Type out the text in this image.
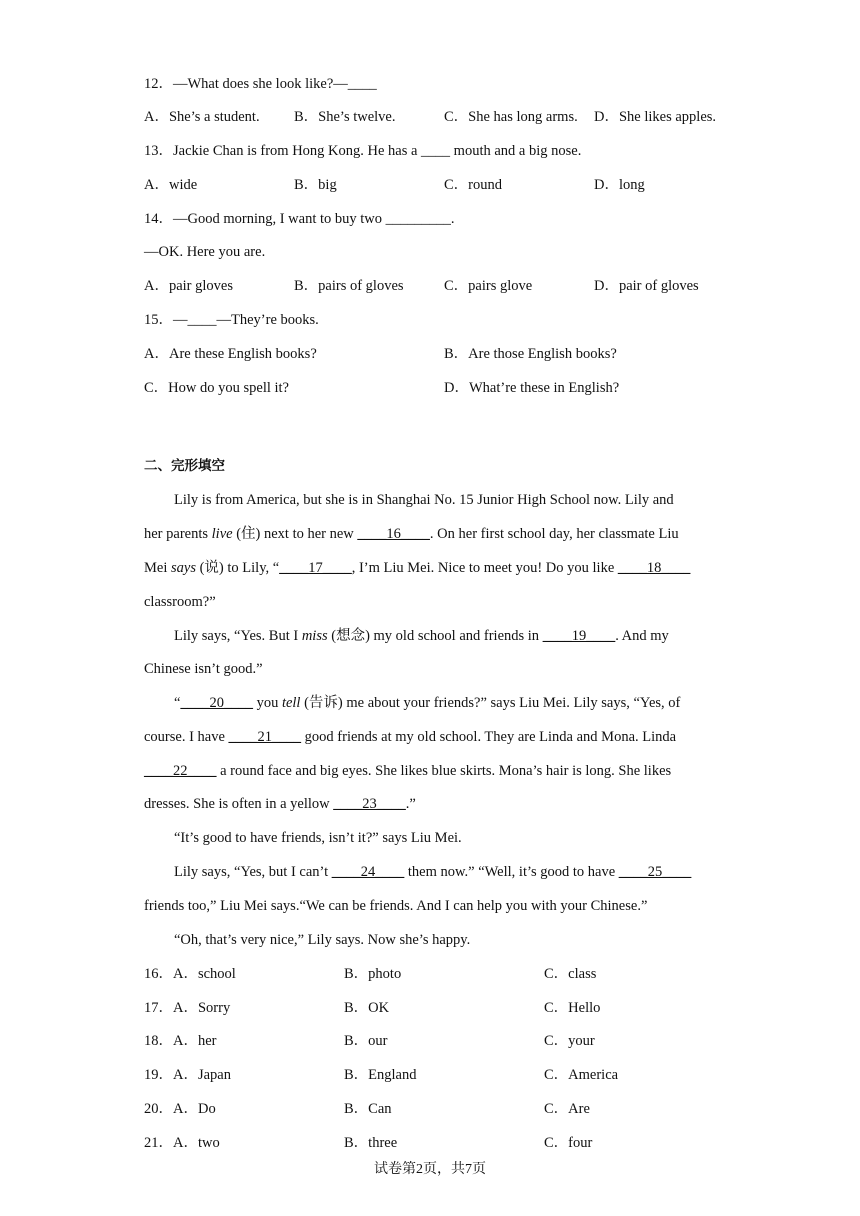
12．—What does she look like?—____
A．She’s a student. B．She’s twelve.	C．She has long arms. D．She likes apples.
13．Jackie Chan is from Hong Kong. He has a ____ mouth and a big nose.
A．wide	B．big	C．round	D．long
14．—Good morning, I want to buy two _________.
—OK. Here you are.
A．pair gloves	B．pairs of gloves	C．pairs glove	D．pair of gloves
15．—____—They’re books.
A．Are these English books?	B．Are those English books?
C．How do you spell it?	D．What’re these in English?
二、完形填空
Lily is from America, but she is in Shanghai No. 15 Junior High School now. Lily and
her parents live (住) next to her new ____16____. On her first school day, her classmate Liu
Mei says (说) to Lily, “____17____, I’m Liu Mei. Nice to meet you! Do you like ____18____
classroom?”
Lily says, “Yes. But I miss (想念) my old school and friends in ____19____. And my
Chinese isn’t good.”
“____20____ you tell (告诉) me about your friends?” says Liu Mei. Lily says, “Yes, of
course. I have ____21____ good friends at my old school. They are Linda and Mona. Linda
____22____ a round face and big eyes. She likes blue skirts. Mona’s hair is long. She likes
dresses. She is often in a yellow ____23____.”
“It’s good to have friends, isn’t it?” says Liu Mei.
Lily says, “Yes, but I can’t ____24____ them now.” “Well, it’s good to have ____25____
friends too,” Liu Mei says.“We can be friends. And I can help you with your Chinese.”
“Oh, that’s very nice,” Lily says. Now she’s happy.
16．A．school	B．photo	C．class
17．A．Sorry	B．OK	C．Hello
18．A．her	B．our	C．your
19．A．Japan	B．England	C．America
20．A．Do	B．Can	C．Are
21．A．two	B．three	C．four
试卷第2页，共7页
